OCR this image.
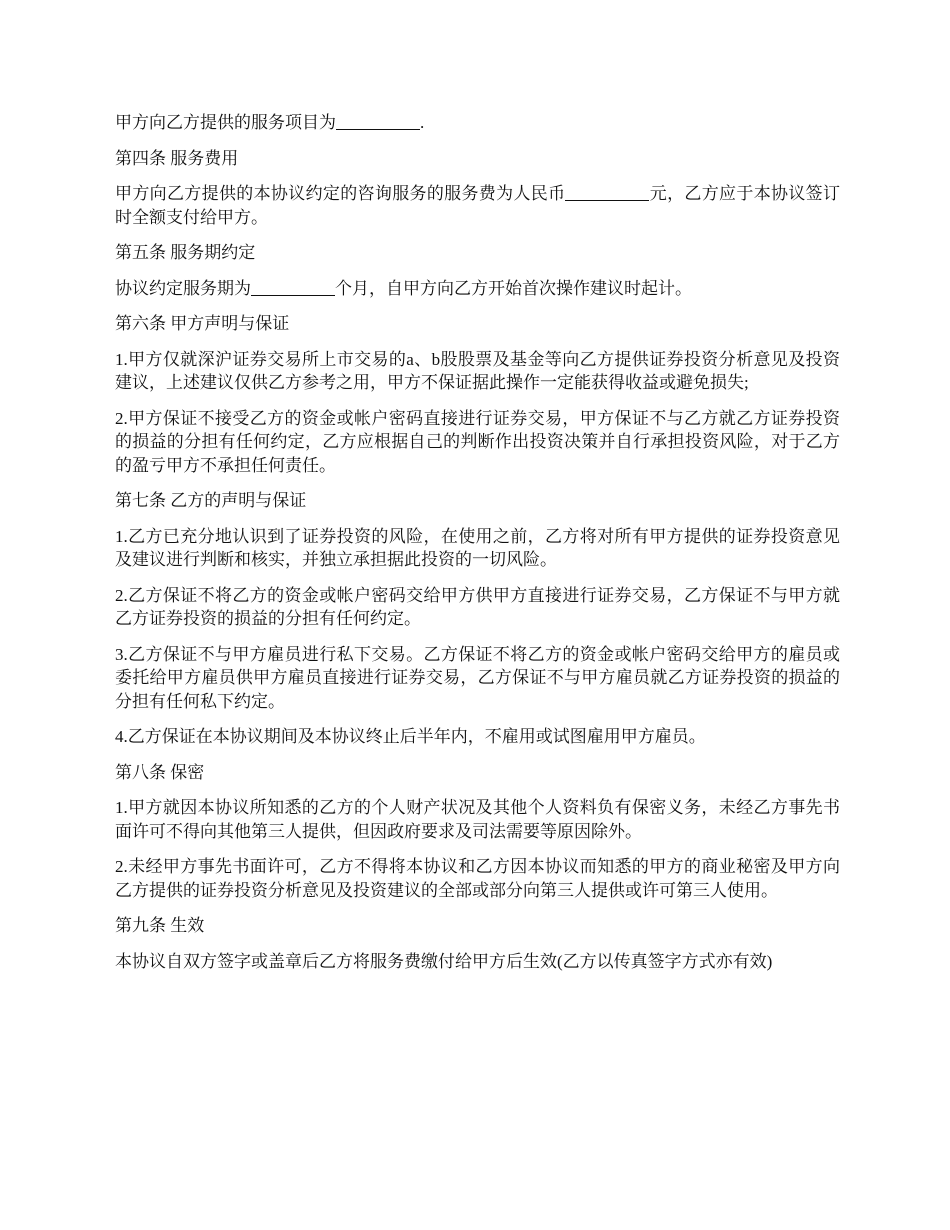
甲方向乙方提供的服务项目为	.

第四条 服务费用

甲方向乙方提供的本协议约定的咨询服务的服务费为人民币	元，乙方应于本协议签订时全额支付给甲方。

第五条 服务期约定

协议约定服务期为	个月，自甲方向乙方开始首次操作建议时起计。

第六条 甲方声明与保证

1.甲方仅就深沪证券交易所上市交易的a、b股股票及基金等向乙方提供证券投资分析意见及投资建议，上述建议仅供乙方参考之用，甲方不保证据此操作一定能获得收益或避免损失;

2.甲方保证不接受乙方的资金或帐户密码直接进行证券交易，甲方保证不与乙方就乙方证券投资的损益的分担有任何约定，乙方应根据自己的判断作出投资决策并自行承担投资风险，对于乙方的盈亏甲方不承担任何责任。

第七条 乙方的声明与保证

1.乙方已充分地认识到了证券投资的风险，在使用之前，乙方将对所有甲方提供的证券投资意见及建议进行判断和核实，并独立承担据此投资的一切风险。

2.乙方保证不将乙方的资金或帐户密码交给甲方供甲方直接进行证券交易，乙方保证不与甲方就乙方证券投资的损益的分担有任何约定。

3.乙方保证不与甲方雇员进行私下交易。乙方保证不将乙方的资金或帐户密码交给甲方的雇员或委托给甲方雇员供甲方雇员直接进行证券交易，乙方保证不与甲方雇员就乙方证券投资的损益的分担有任何私下约定。

4.乙方保证在本协议期间及本协议终止后半年内，不雇用或试图雇用甲方雇员。

第八条 保密

1.甲方就因本协议所知悉的乙方的个人财产状况及其他个人资料负有保密义务，未经乙方事先书面许可不得向其他第三人提供，但因政府要求及司法需要等原因除外。

2.未经甲方事先书面许可，乙方不得将本协议和乙方因本协议而知悉的甲方的商业秘密及甲方向乙方提供的证券投资分析意见及投资建议的全部或部分向第三人提供或许可第三人使用。

第九条 生效

本协议自双方签字或盖章后乙方将服务费缴付给甲方后生效(乙方以传真签字方式亦有效)
